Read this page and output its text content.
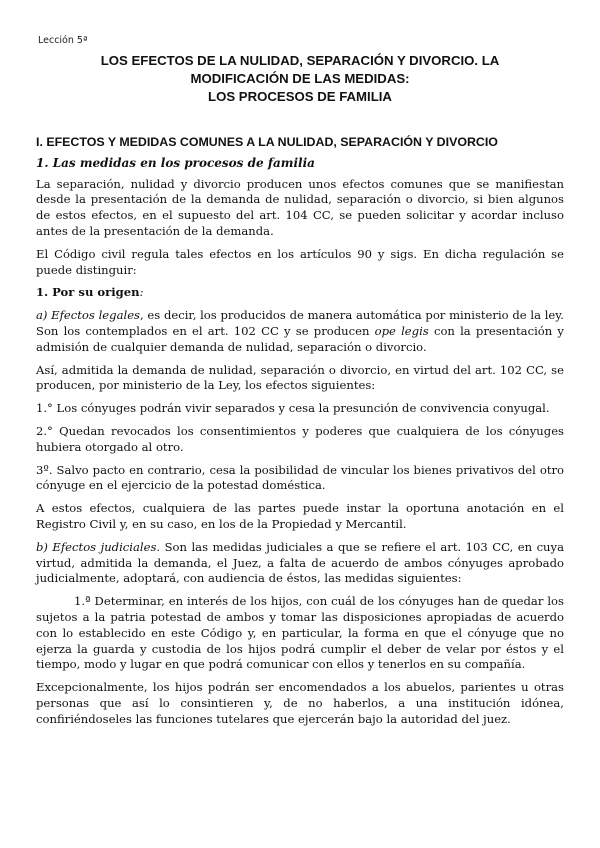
Lección 5ª
LOS EFECTOS DE LA NULIDAD, SEPARACIÓN Y DIVORCIO. LA
MODIFICACIÓN DE LAS MEDIDAS:
LOS PROCESOS DE FAMILIA

I. EFECTOS Y MEDIDAS COMUNES A LA NULIDAD, SEPARACIÓN Y DIVORCIO

1. Las medidas en los procesos de familia

La separación, nulidad y divorcio producen unos efectos comunes que se manifiestan desde la presentación de la demanda de nulidad, separación o divorcio, si bien algunos de estos efectos, en el supuesto del art. 104 CC, se pueden solicitar y acordar incluso antes de la presentación de la demanda.

El Código civil regula tales efectos en los artículos 90 y sigs. En dicha regulación se puede distinguir:

1. Por su origen:

a) Efectos legales, es decir, los producidos de manera automática por ministerio de la ley. Son los contemplados en el art. 102 CC y se producen ope legis con la presentación y admisión de cualquier demanda de nulidad, separación o divorcio.

Así, admitida la demanda de nulidad, separación o divorcio, en virtud del art. 102 CC, se producen, por ministerio de la Ley, los efectos siguientes:

1.° Los cónyuges podrán vivir separados y cesa la presunción de convivencia conyugal.

2.° Quedan revocados los consentimientos y poderes que cualquiera de los cónyuges hubiera otorgado al otro.

3º. Salvo pacto en contrario, cesa la posibilidad de vincular los bienes privativos del otro cónyuge en el ejercicio de la potestad doméstica.

A estos efectos, cualquiera de las partes puede instar la oportuna anotación en el Registro Civil y, en su caso, en los de la Propiedad y Mercantil.

b) Efectos judiciales. Son las medidas judiciales a que se refiere el art. 103 CC, en cuya virtud, admitida la demanda, el Juez, a falta de acuerdo de ambos cónyuges aprobado judicialmente, adoptará, con audiencia de éstos, las medidas siguientes:

1.ª Determinar, en interés de los hijos, con cuál de los cónyuges han de quedar los sujetos a la patria potestad de ambos y tomar las disposiciones apropiadas de acuerdo con lo establecido en este Código y, en particular, la forma en que el cónyuge que no ejerza la guarda y custodia de los hijos podrá cumplir el deber de velar por éstos y el tiempo, modo y lugar en que podrá comunicar con ellos y tenerlos en su compañía.

Excepcionalmente, los hijos podrán ser encomendados a los abuelos, parientes u otras personas que así lo consintieren y, de no haberlos, a una institución idónea, confiriéndoseles las funciones tutelares que ejercerán bajo la autoridad del juez.
